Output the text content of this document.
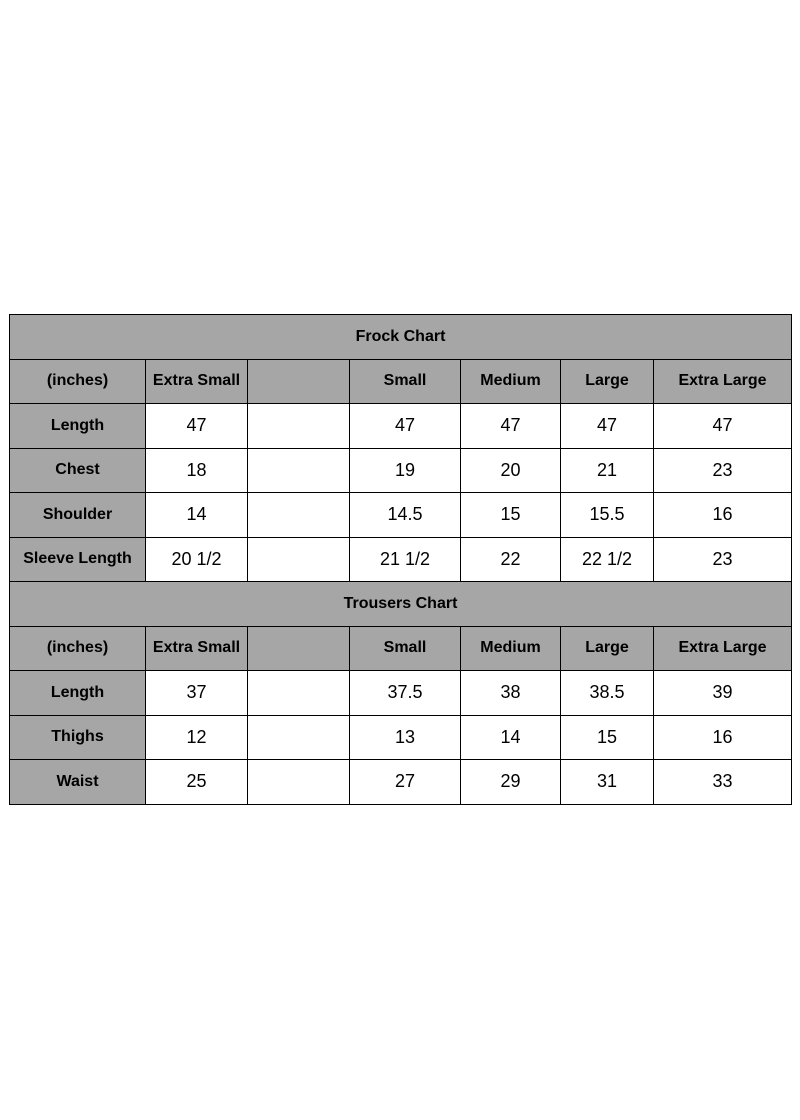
Frock Chart						
(inches)	Extra Small		Small	Medium	Large	Extra Large
Length	47		47	47	47	47
Chest	18		19	20	21	23
Shoulder	14		14.5	15	15.5	16
Sleeve Length	20 1/2		21 1/2	22	22 1/2	23
Trousers Chart						
(inches)	Extra Small		Small	Medium	Large	Extra Large
Length	37		37.5	38	38.5	39
Thighs	12		13	14	15	16
Waist	25		27	29	31	33
